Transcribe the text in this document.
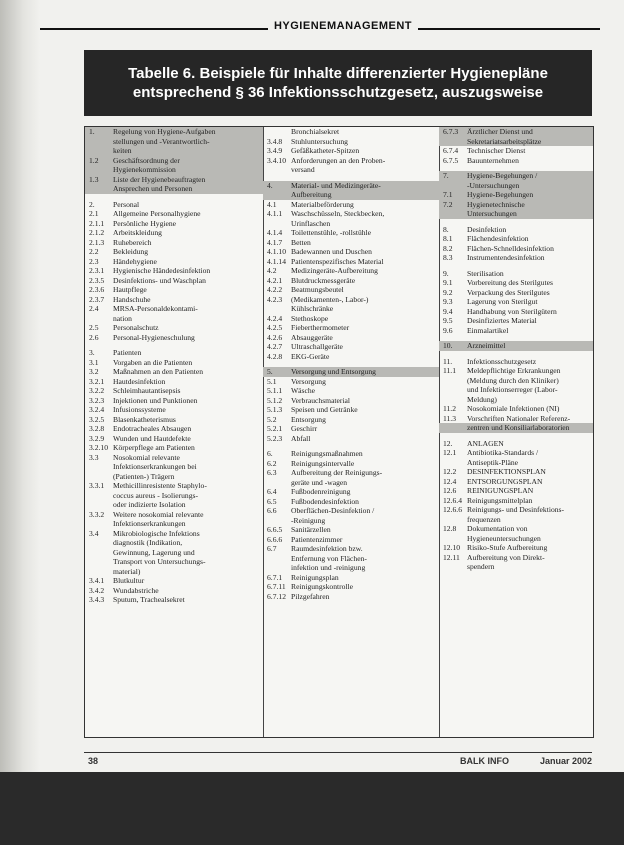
HYGIENEMANAGEMENT
Tabelle 6. Beispiele für Inhalte differenzierter Hygienepläne
entsprechend § 36 Infektionsschutzgesetz, auszugsweise
1.	Regelung von Hygiene-Aufgaben
stellungen und -Verantwortlich-
keiten
1.2	Geschäftsordnung der
Hygienekommission
1.3	Liste der Hygienebeauftragten
Ansprechen und Personen
2.	Personal
2.1	Allgemeine Personalhygiene
2.1.1	Persönliche Hygiene
2.1.2	Arbeitskleidung
2.1.3	Ruhebereich
2.2	Bekleidung
2.3	Händehygiene
2.3.1	Hygienische Händedesinfektion
2.3.5	Desinfektions- und Waschplan
2.3.6	Hautpflege
2.3.7	Handschuhe
2.4	MRSA-Personaldekontami-
nation
2.5	Personalschutz
2.6	Personal-Hygieneschulung
3.	Patienten
3.1	Vorgaben an die Patienten
3.2	Maßnahmen an den Patienten
3.2.1	Hautdesinfektion
3.2.2	Schleimhautantisepsis
3.2.3	Injektionen und Punktionen
3.2.4	Infusionssysteme
3.2.5	Blasenkatheterismus
3.2.8	Endotracheales Absaugen
3.2.9	Wunden und Hautdefekte
3.2.10 Körperpflege am Patienten
3.3	Nosokomial relevante
Infektionserkrankungen bei
(Patienten-) Trägern
3.3.1	Methicillinresistente Staphylo-
coccus aureus - Isolierungs-
oder indizierte Isolation
3.3.2	Weitere nosokomial relevante
Infektionserkrankungen
3.4	Mikrobiologische Infektions
diagnostik (Indikation,
Gewinnung, Lagerung und
Transport von Untersuchungs-
material)
3.4.1	Blutkultur
3.4.2	Wundabstriche
3.4.3	Sputum, Trachealsekret
Bronchialsekret
3.4.8	Stuhluntersuchung
3.4.9	Gefäßkatheter-Spitzen
3.4.10 Anforderungen an den Proben-
versand
4.	Material- und Medizingeräte-
Aufbereitung
4.1	Materialbeförderung
4.1.1	Waschschüsseln, Steckbecken,
Urinflaschen
4.1.4	Toilettenstühle, -rollstühle
4.1.7	Betten
4.1.10 Badewannen und Duschen
4.1.14 Patientenspezifisches Material
4.2	Medizingeräte-Aufbereitung
4.2.1	Blutdruckmessgeräte
4.2.2	Beatmungsbeutel
4.2.3	(Medikamenten-, Labor-)
Kühlschränke
4.2.4	Stethoskope
4.2.5	Fieberthermometer
4.2.6	Absauggeräte
4.2.7	Ultraschallgeräte
4.2.8	EKG-Geräte
5.	Versorgung und Entsorgung
5.1	Versorgung
5.1.1	Wäsche
5.1.2	Verbrauchsmaterial
5.1.3	Speisen und Getränke
5.2	Entsorgung
5.2.1	Geschirr
5.2.3	Abfall
6.	Reinigungsmaßnahmen
6.2	Reinigungsintervalle
6.3	Aufbereitung der Reinigungs-
geräte und -wagen
6.4	Fußbodenreinigung
6.5	Fußbodendesinfektion
6.6	Oberflächen-Desinfektion /
-Reinigung
6.6.5	Sanitärzellen
6.6.6	Patientenzimmer
6.7	Raumdesinfektion bzw.
Entfernung von Flächen-
infektion und -reinigung
6.7.1	Reinigungsplan
6.7.11 Reinigungskontrolle
6.7.12 Pilzgefahren
6.7.3	Ärztlicher Dienst und
Sekretariatsarbeitsplätze
6.7.4	Technischer Dienst
6.7.5	Bauunternehmen
7.	Hygiene-Begehungen /
-Untersuchungen
7.1	Hygiene-Begehungen
7.2	Hygienetechnische
Untersuchungen
8.	Desinfektion
8.1	Flächendesinfektion
8.2	Flächen-Schnelldesinfektion
8.3	Instrumentendesinfektion
9.	Sterilisation
9.1	Vorbereitung des Sterilgutes
9.2	Verpackung des Sterilgutes
9.3	Lagerung von Sterilgut
9.4	Handhabung von Sterilgütern
9.5	Desinfiziertes Material
9.6	Einmalartikel
10.	Arzneimittel
11.	Infektionsschutzgesetz
11.1	Meldepflichtige Erkrankungen
(Meldung durch den Kliniker)
und Infektionserreger (Labor-
Meldung)
11.2	Nosokomiale Infektionen (NI)
11.3	Vorschriften Nationaler Referenz-
zentren und Konsiliarlaboratorien
12.	ANLAGEN
12.1	Antibiotika-Standards /
Antiseptik-Pläne
12.2	DESINFEKTIONSPLAN
12.4	ENTSORGUNGSPLAN
12.6	REINIGUNGSPLAN
12.6.4 Reinigungsmittelplan
12.6.6 Reinigungs- und Desinfektions-
frequenzen
12.8	Dokumentation von
Hygieneuntersuchungen
12.10 Risiko-Stufe Aufbereitung
12.11 Aufbereitung von Direkt-
spendern
38	BALK INFO	Januar 2002
